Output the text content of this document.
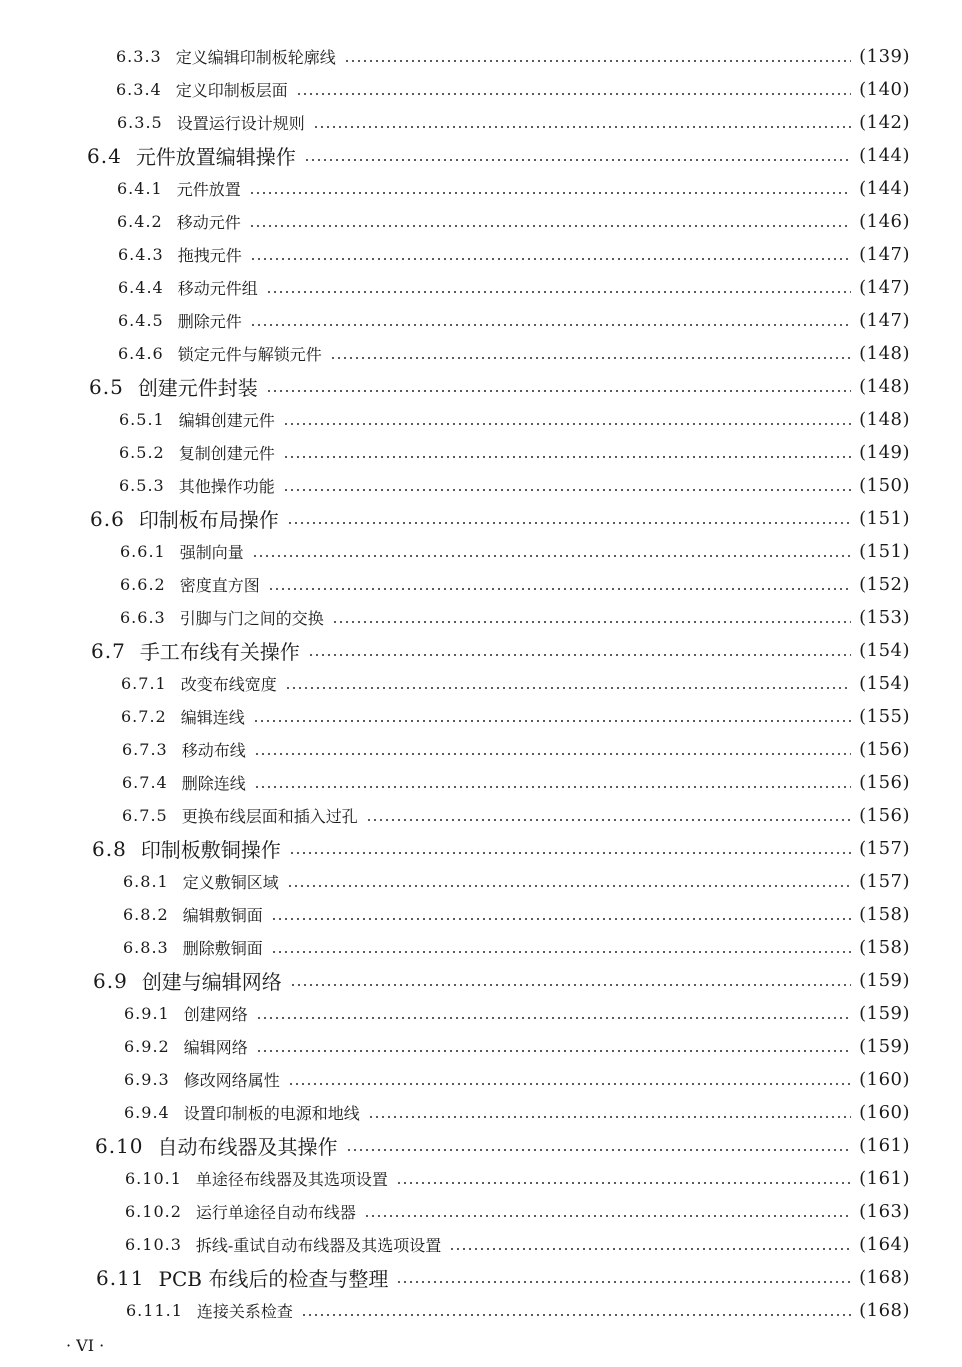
6.3.3 定义编辑印制板轮廓线	(139)
6.3.4 定义印制板层面	(140)
6.3.5 设置运行设计规则	(142)
6.4 元件放置编辑操作	(144)
6.4.1 元件放置	(144)
6.4.2 移动元件	(146)
6.4.3 拖拽元件	(147)
6.4.4 移动元件组	(147)
6.4.5 删除元件	(147)
6.4.6 锁定元件与解锁元件	(148)
6.5 创建元件封装	(148)
6.5.1 编辑创建元件	(148)
6.5.2 复制创建元件	(149)
6.5.3 其他操作功能	(150)
6.6 印制板布局操作	(151)
6.6.1 强制向量	(151)
6.6.2 密度直方图	(152)
6.6.3 引脚与门之间的交换	(153)
6.7 手工布线有关操作	(154)
6.7.1 改变布线宽度	(154)
6.7.2 编辑连线	(155)
6.7.3 移动布线	(156)
6.7.4 删除连线	(156)
6.7.5 更换布线层面和插入过孔	(156)
6.8 印制板敷铜操作	(157)
6.8.1 定义敷铜区域	(157)
6.8.2 编辑敷铜面	(158)
6.8.3 删除敷铜面	(158)
6.9 创建与编辑网络	(159)
6.9.1 创建网络	(159)
6.9.2 编辑网络	(159)
6.9.3 修改网络属性	(160)
6.9.4 设置印制板的电源和地线	(160)
6.10 自动布线器及其操作	(161)
6.10.1 单途径布线器及其选项设置	(161)
6.10.2 运行单途径自动布线器	(163)
6.10.3 拆线-重试自动布线器及其选项设置	(164)
6.11 PCB 布线后的检查与整理	(168)
6.11.1 连接关系检查	(168)
· VI ·
